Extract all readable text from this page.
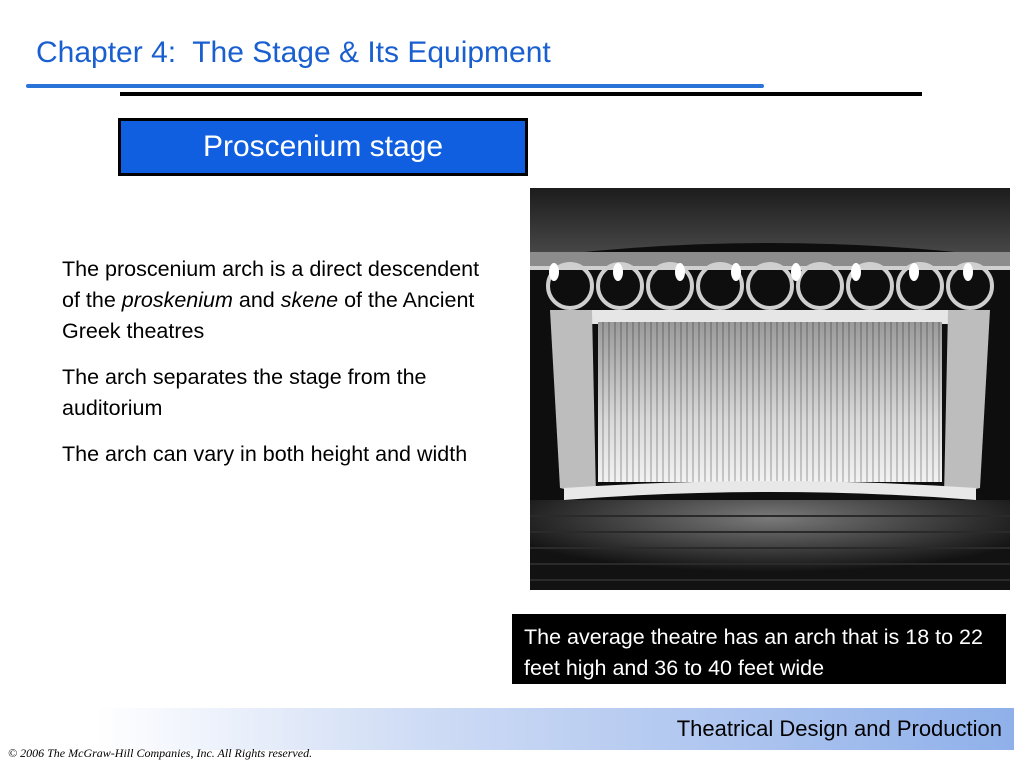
Chapter 4:  The Stage & Its Equipment
Proscenium stage

The proscenium arch is a direct descendent of the proskenium and skene of the Ancient Greek theatres

The arch separates the stage from the auditorium

The arch can vary in both height and width

The average theatre has an arch that is 18 to 22 feet high and 36 to 40 feet wide
Theatrical Design and Production
© 2006 The McGraw-Hill Companies, Inc. All Rights reserved.
